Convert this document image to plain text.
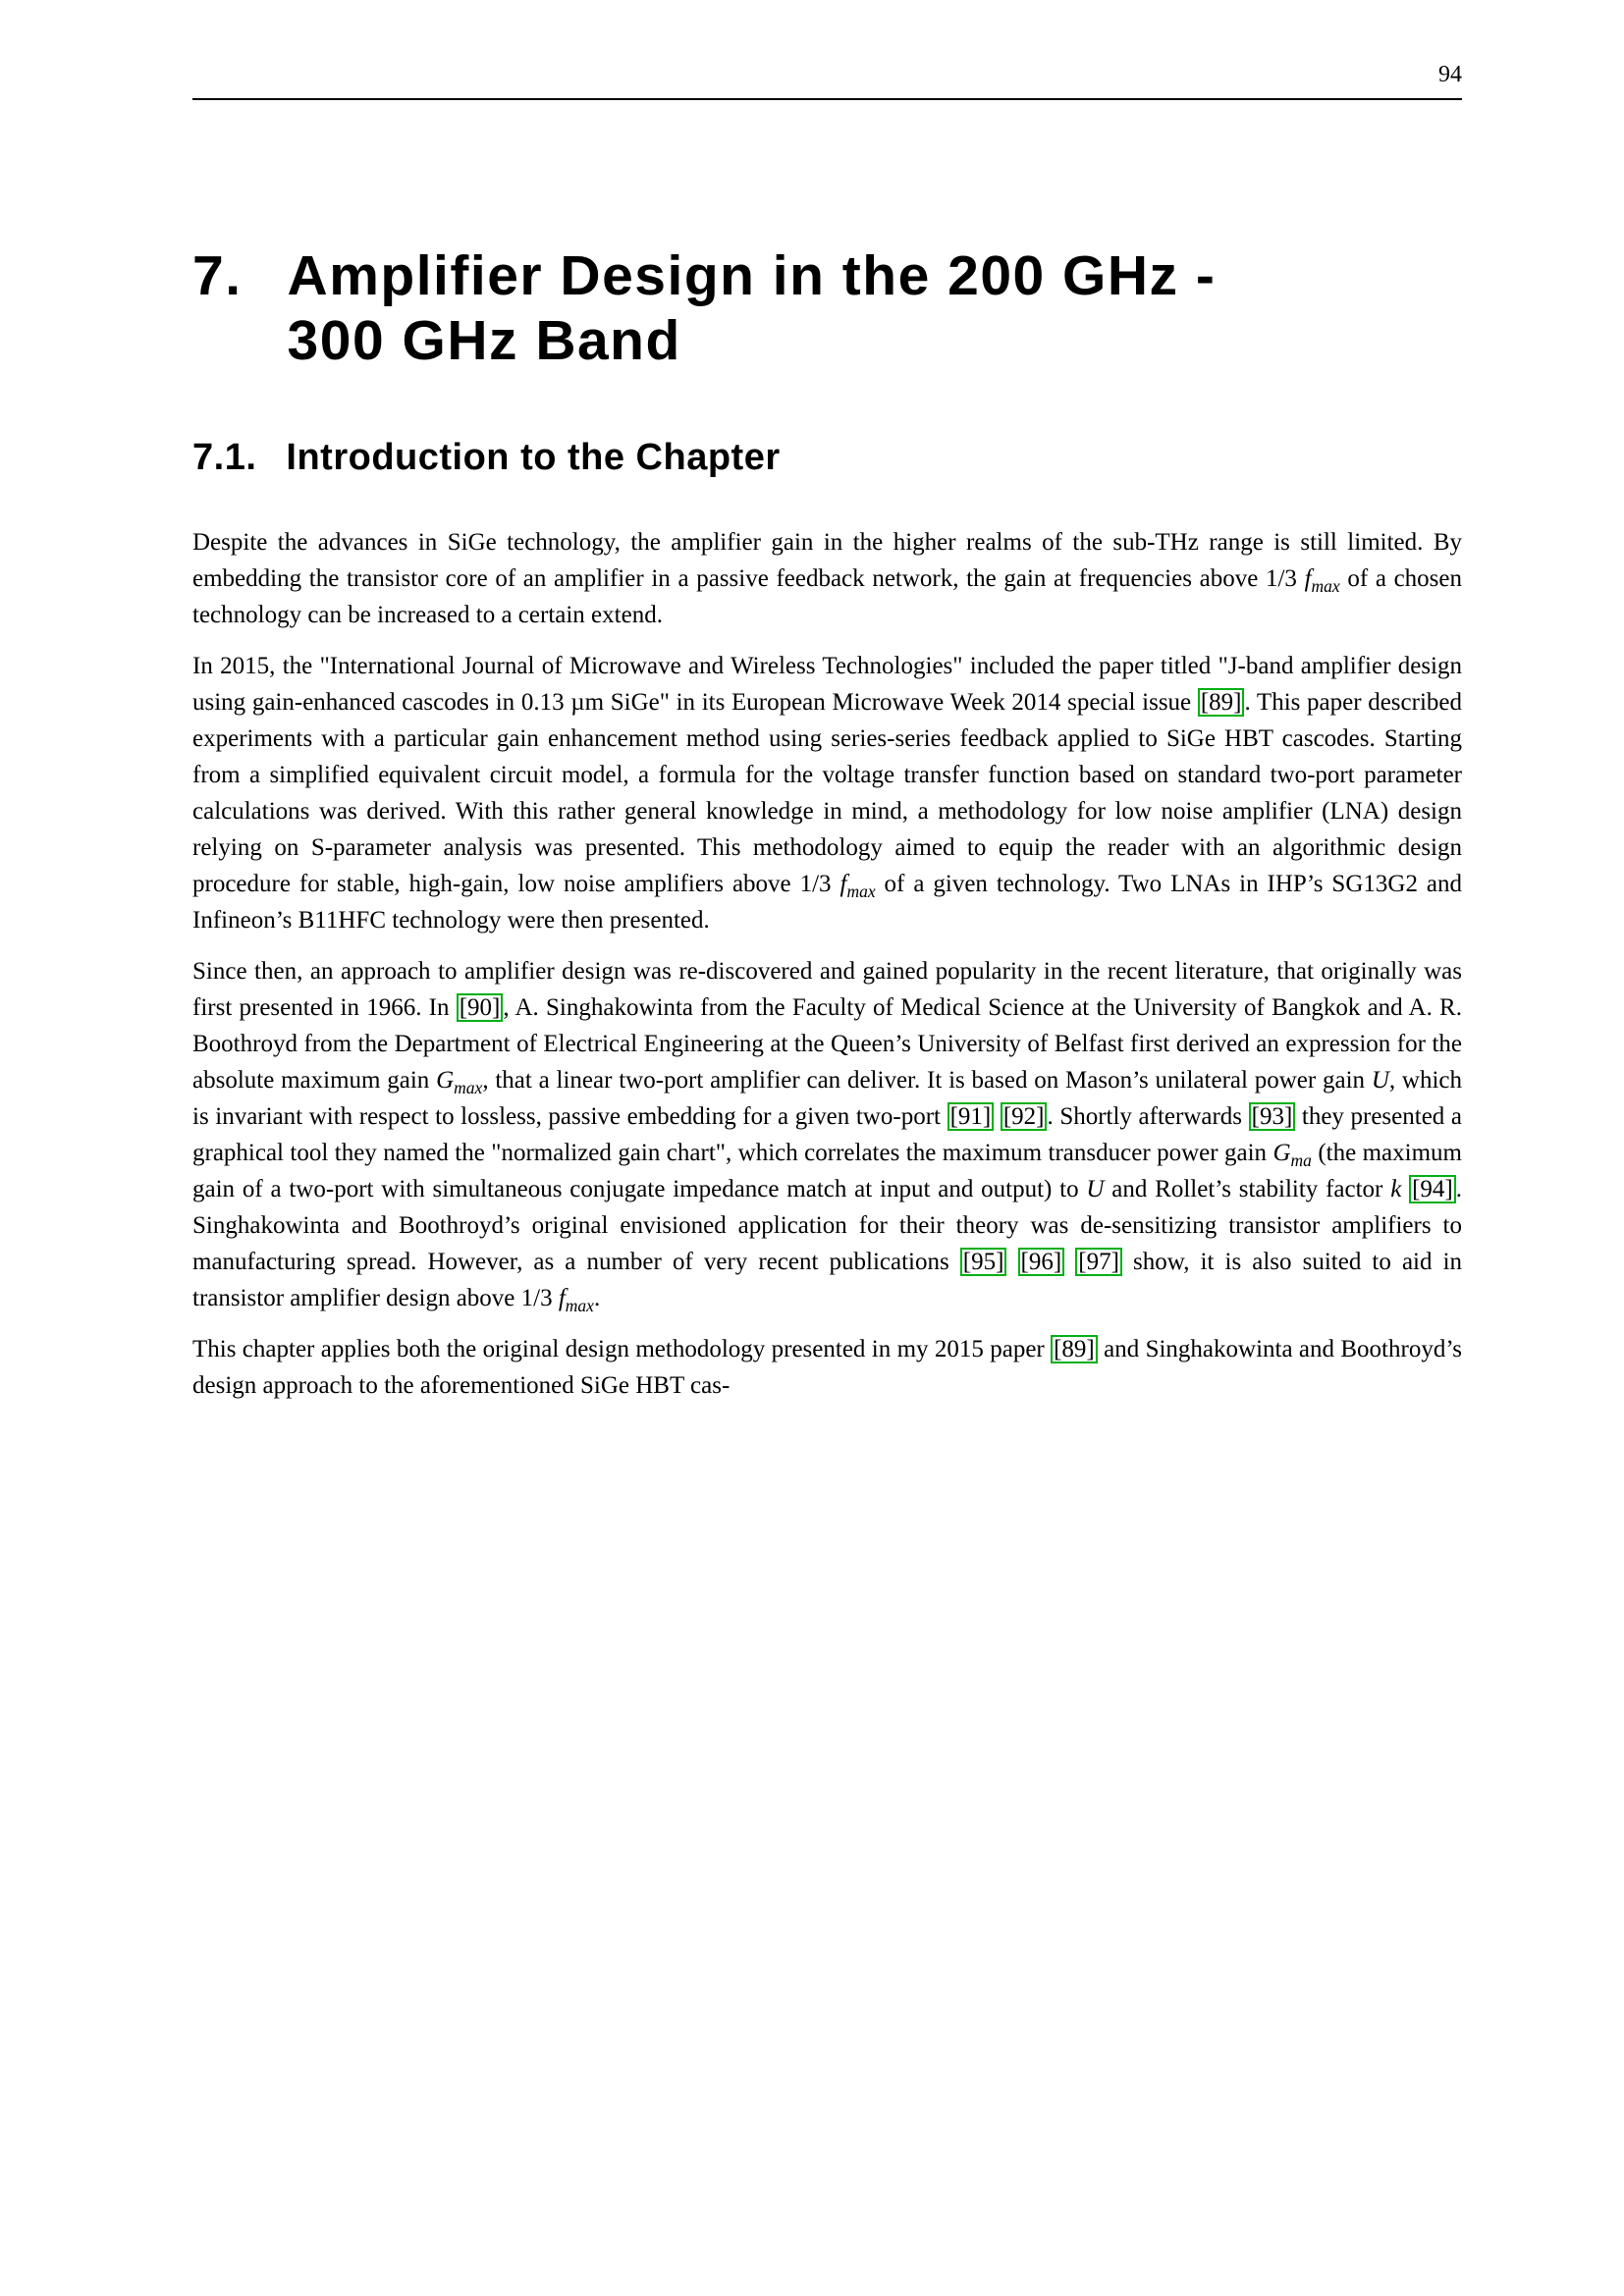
94
7. Amplifier Design in the 200 GHz -
300 GHz Band
7.1. Introduction to the Chapter

Despite the advances in SiGe technology, the amplifier gain in the higher realms of the sub-THz range is still limited. By embedding the transistor core of an amplifier in a passive feedback network, the gain at frequencies above 1/3 $f_{max}$ of a chosen technology can be increased to a certain extend.

In 2015, the "International Journal of Microwave and Wireless Technologies" included the paper titled "J-band amplifier design using gain-enhanced cascodes in 0.13 µm SiGe" in its European Microwave Week 2014 special issue [89] . This paper described experiments with a particular gain enhancement method using series-series feedback applied to SiGe HBT cascodes. Starting from a simplified equivalent circuit model, a formula for the voltage transfer function based on standard two-port parameter calculations was derived. With this rather general knowledge in mind, a methodology for low noise amplifier (LNA) design relying on S-parameter analysis was presented. This methodology aimed to equip the reader with an algorithmic design procedure for stable, high-gain, low noise amplifiers above 1/3 $f_{max}$ of a given technology. Two LNAs in IHP’s SG13G2 and Infineon’s B11HFC technology were then presented.

Since then, an approach to amplifier design was re-discovered and gained popularity in the recent literature, that originally was first presented in 1966. In [90] , A. Singhakowinta from the Faculty of Medical Science at the University of Bangkok and A. R. Boothroyd from the Department of Electrical Engineering at the Queen’s University of Belfast first derived an expression for the absolute maximum gain $G_{max}$, that a linear two-port amplifier can deliver. It is based on Mason’s unilateral power gain U, which is invariant with respect to lossless, passive embedding for a given two-port [91] [92] . Shortly afterwards [93] they presented a graphical tool they named the "normalized gain chart", which correlates the maximum transducer power gain $G_{ma}$ (the maximum gain of a two-port with simultaneous conjugate impedance match at input and output) to U and Rollet’s stability factor k [94] . Singhakowinta and Boothroyd’s original envisioned application for their theory was de-sensitizing transistor amplifiers to manufacturing spread. However, as a number of very recent publications [95] [96] [97] show, it is also suited to aid in transistor amplifier design above 1/3 $f_{max}$.

This chapter applies both the original design methodology presented in my 2015 paper [89] and Singhakowinta and Boothroyd’s design approach to the aforementioned SiGe HBT cas-
